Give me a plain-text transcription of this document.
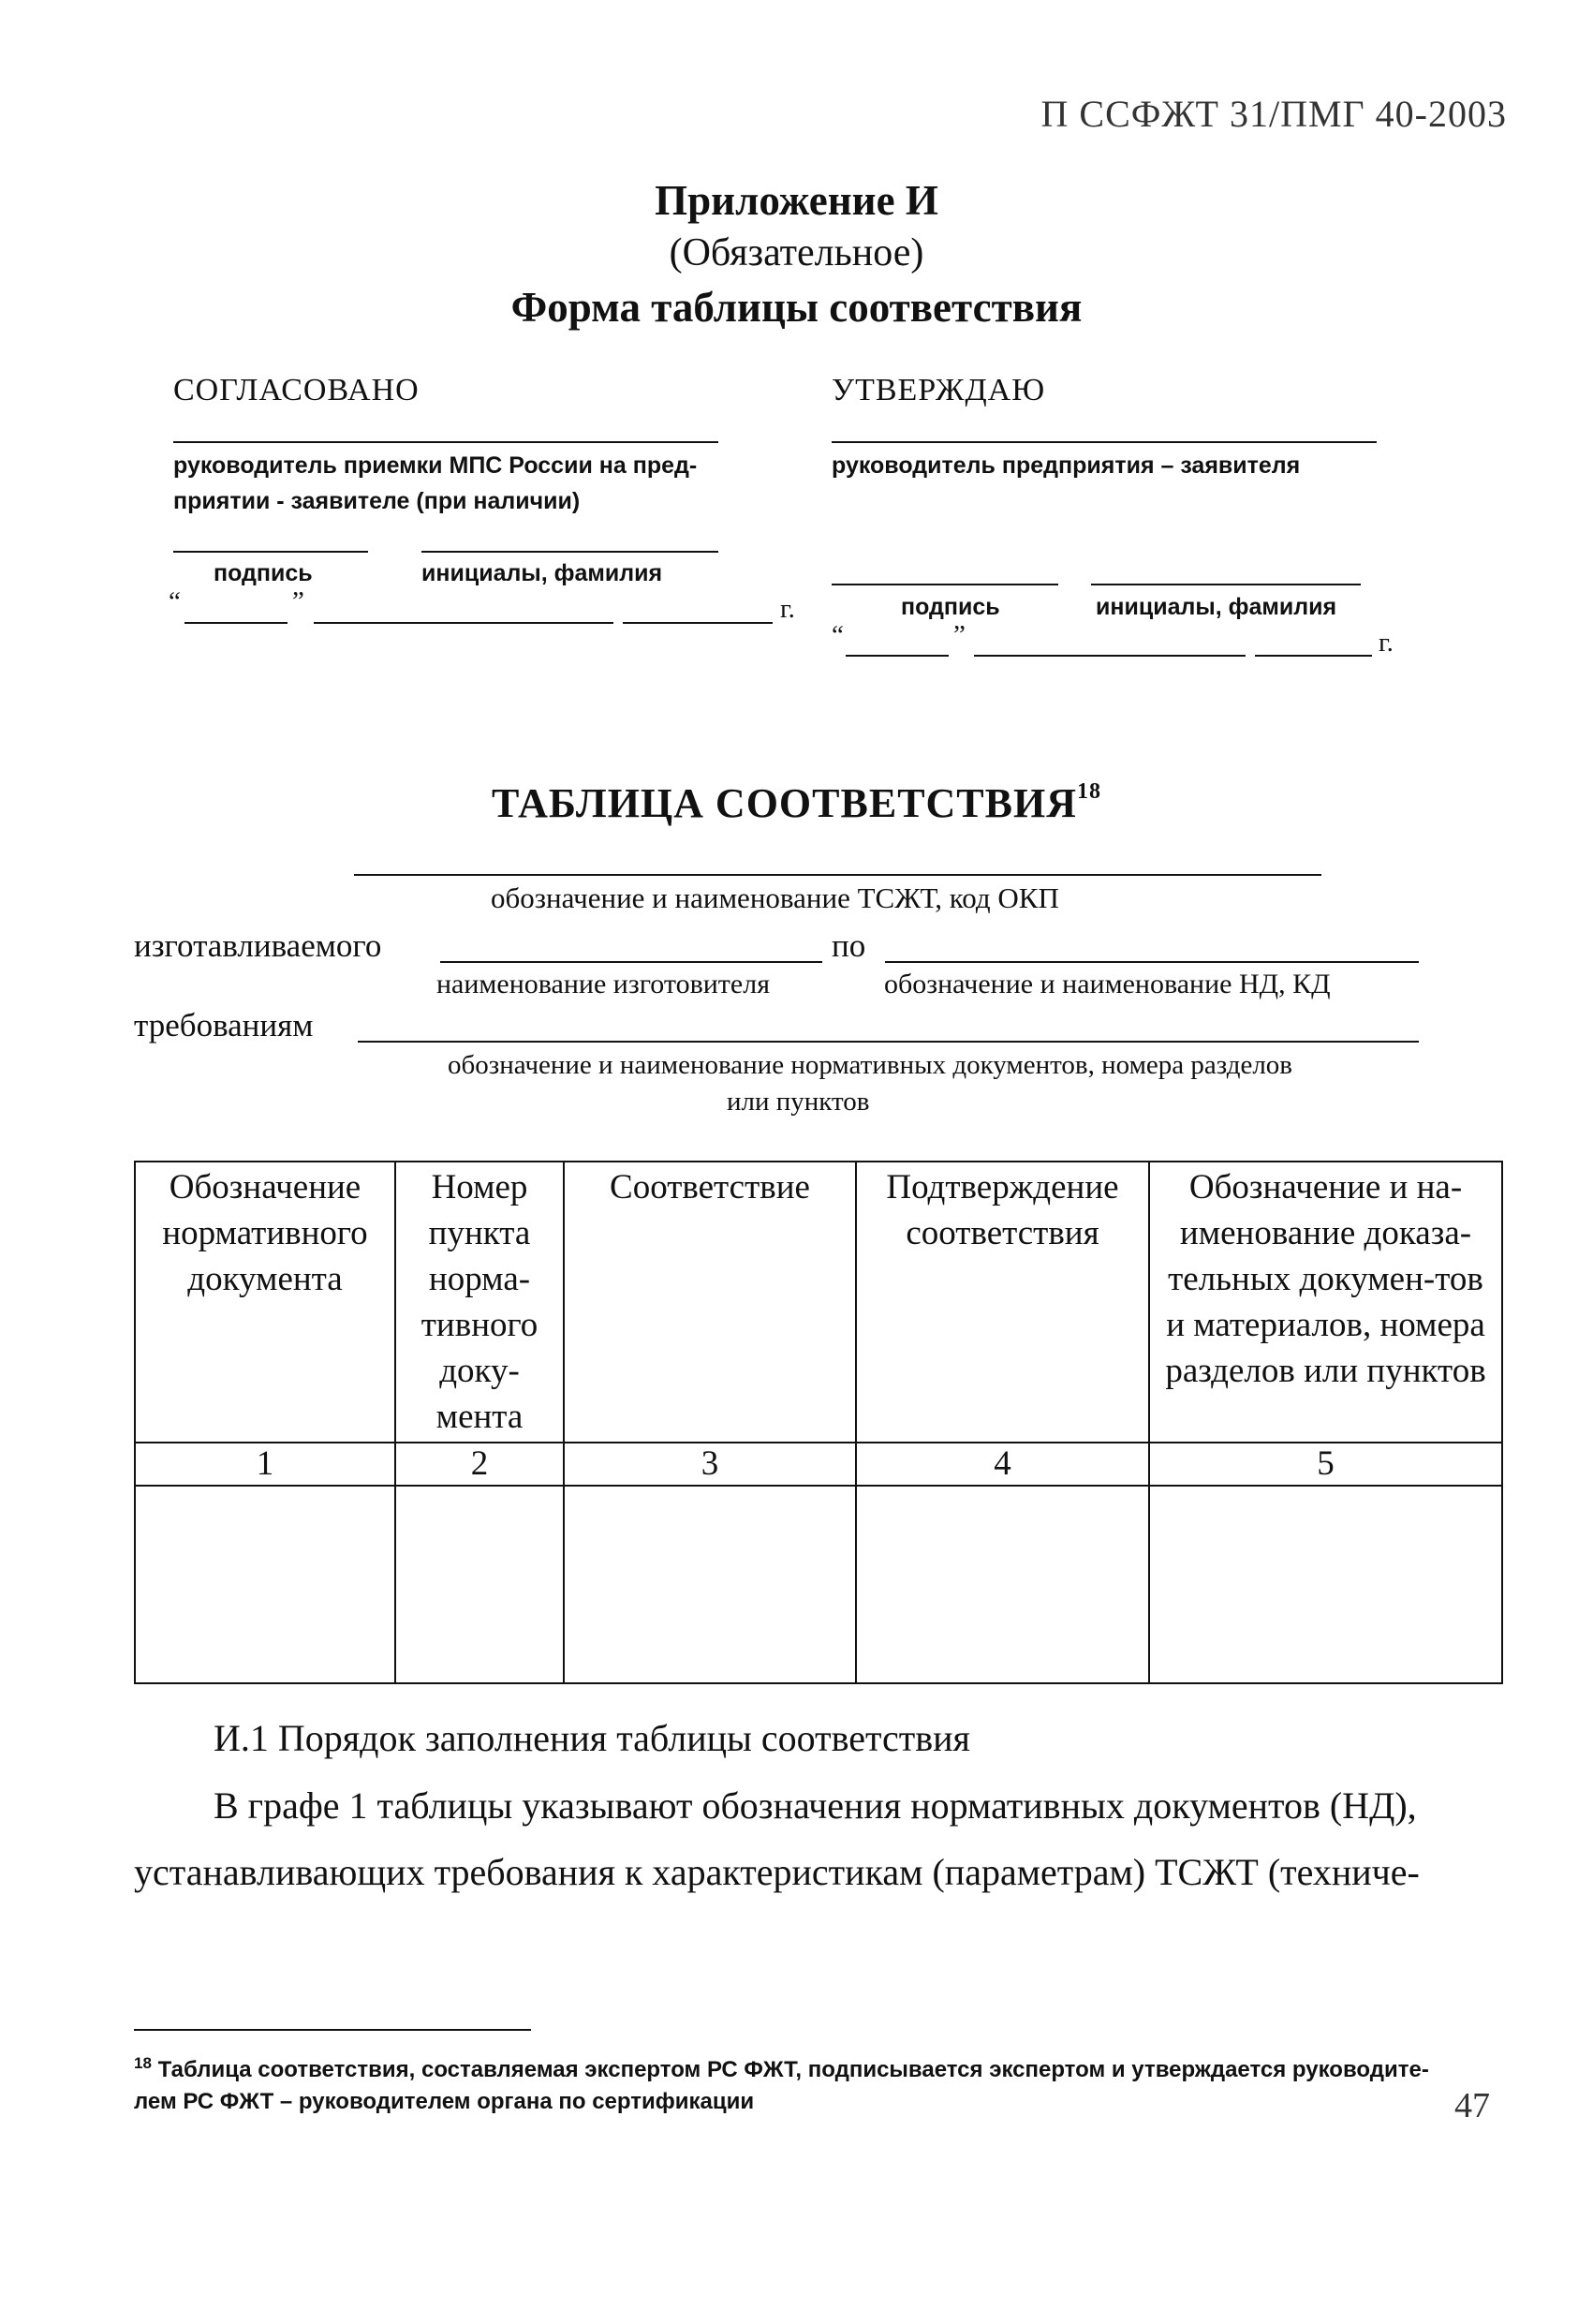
П ССФЖТ 31/ПМГ 40-2003
Приложение И
(Обязательное)
Форма таблицы соответствия
СОГЛАСОВАНО
руководитель приемки МПС России на пред-
приятии - заявителе (при наличии)
подпись	инициалы, фамилия
“	”	г.
УТВЕРЖДАЮ
руководитель предприятия – заявителя
подпись	инициалы, фамилия
“	”	г.
ТАБЛИЦА СООТВЕТСТВИЯ$^{18}$
обозначение и наименование ТСЖТ, код ОКП
изготавливаемого	по
наименование изготовителя	обозначение и наименование НД, КД
требованиям
обозначение и наименование нормативных документов, номера разделов
или пунктов
Обозначение нормативного документа	Номер пункта норма-тивного доку-мента	Соответствие	Подтверждение соответствия	Обозначение и на-именование доказа-тельных докумен-тов и материалов, номера разделов или пунктов
1	2	3	4	5

И.1 Порядок заполнения таблицы соответствия
В графе 1 таблицы указывают обозначения нормативных документов (НД),
устанавливающих требования к характеристикам (параметрам) ТСЖТ (техниче-
$^{18}$ Таблица соответствия, составляемая экспертом РС ФЖТ, подписывается экспертом и утверждается руководите-
лем РС ФЖТ – руководителем органа по сертификации	47
